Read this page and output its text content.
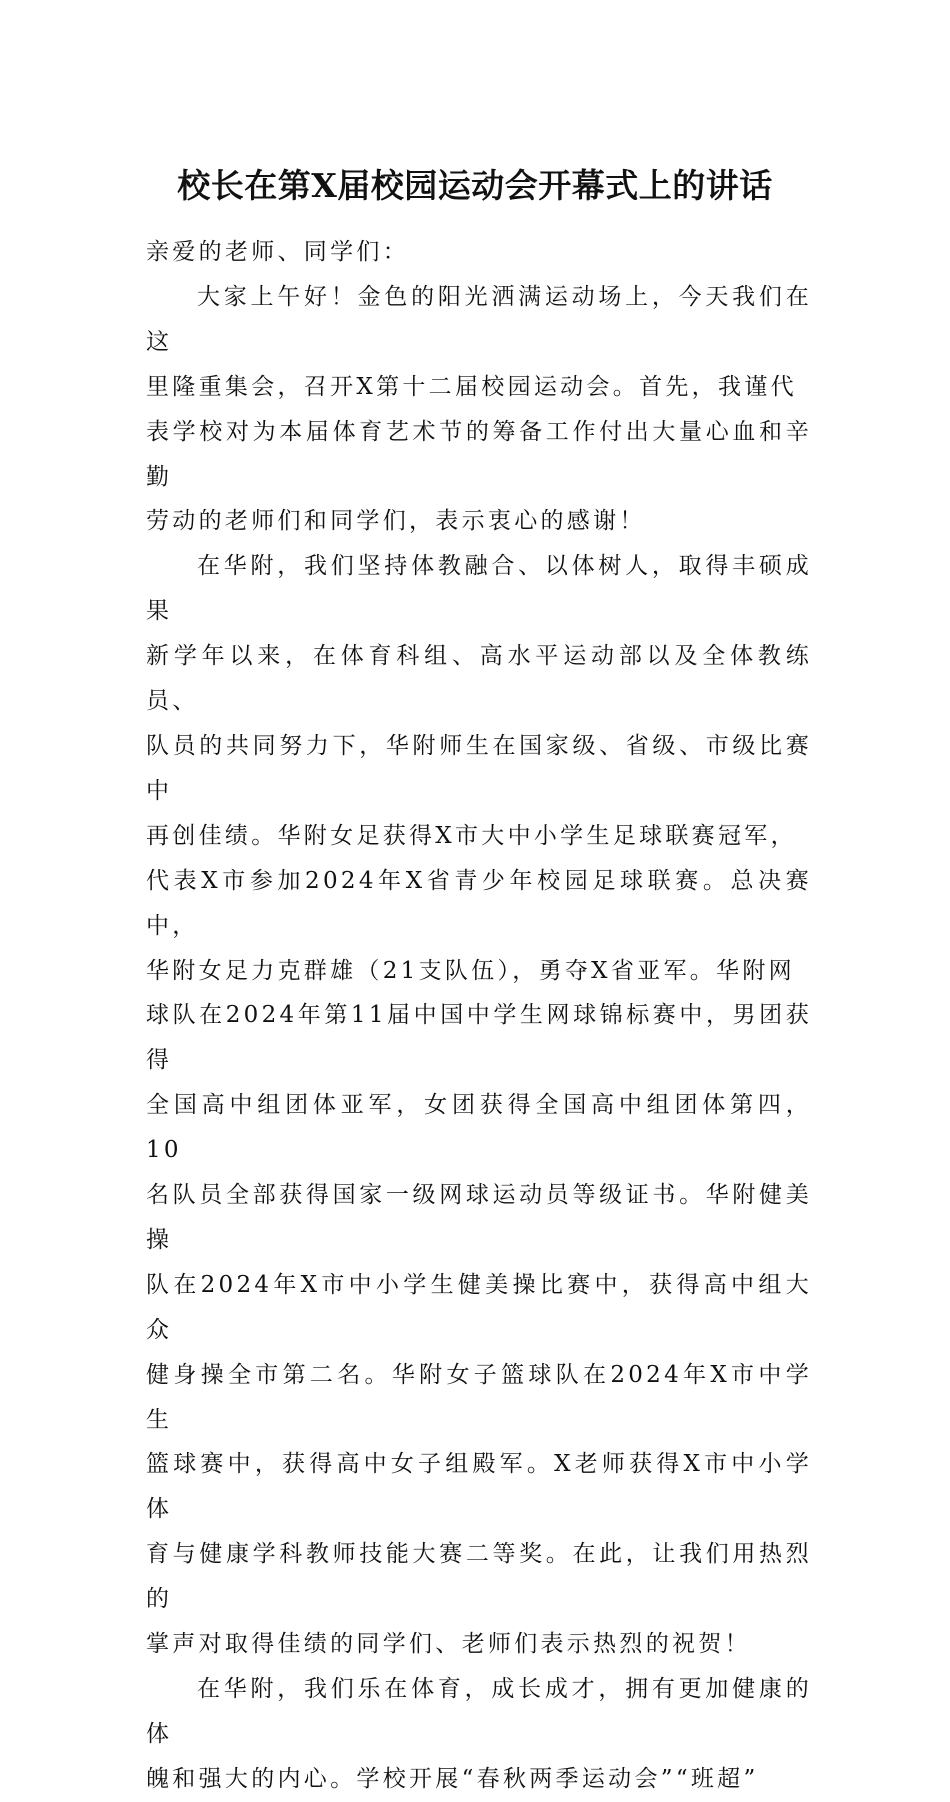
校长在第X届校园运动会开幕式上的讲话

亲爱的老师、同学们：

大家上午好！金色的阳光洒满运动场上，今天我们在这
里隆重集会，召开X第十二届校园运动会。首先，我谨代
表学校对为本届体育艺术节的筹备工作付出大量心血和辛勤
劳动的老师们和同学们，表示衷心的感谢！

在华附，我们坚持体教融合、以体树人，取得丰硕成果
新学年以来，在体育科组、高水平运动部以及全体教练员、
队员的共同努力下，华附师生在国家级、省级、市级比赛中
再创佳绩。华附女足获得X市大中小学生足球联赛冠军，
代表X市参加2024年X省青少年校园足球联赛。总决赛中，
华附女足力克群雄（21支队伍），勇夺X省亚军。华附网
球队在2024年第11届中国中学生网球锦标赛中，男团获得
全国高中组团体亚军，女团获得全国高中组团体第四，10
名队员全部获得国家一级网球运动员等级证书。华附健美操
队在2024年X市中小学生健美操比赛中，获得高中组大众
健身操全市第二名。华附女子篮球队在2024年X市中学生
篮球赛中，获得高中女子组殿军。X老师获得X市中小学体
育与健康学科教师技能大赛二等奖。在此，让我们用热烈的
掌声对取得佳绩的同学们、老师们表示热烈的祝贺！

在华附，我们乐在体育，成长成才，拥有更加健康的体
魄和强大的内心。学校开展“春秋两季运动会”“班超”
